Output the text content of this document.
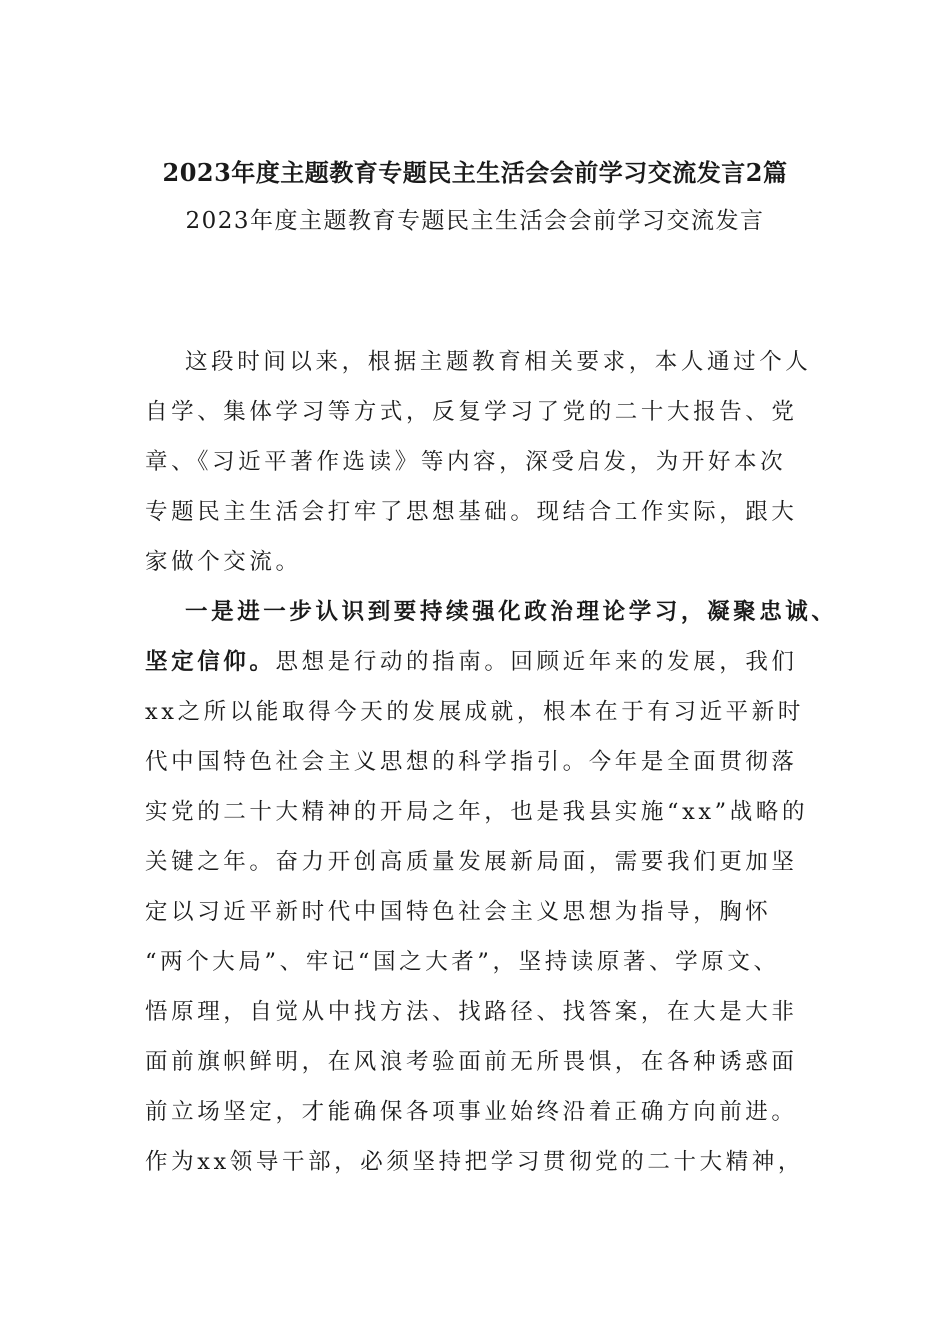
2023年度主题教育专题民主生活会会前学习交流发言2篇
2023年度主题教育专题民主生活会会前学习交流发言
这段时间以来，根据主题教育相关要求，本人通过个人
自学、集体学习等方式，反复学习了党的二十大报告、党
章、《习近平著作选读》等内容，深受启发，为开好本次
专题民主生活会打牢了思想基础。现结合工作实际，跟大
家做个交流。
一是进一步认识到要持续强化政治理论学习，凝聚忠诚、
坚定信仰。思想是行动的指南。回顾近年来的发展，我们
xx之所以能取得今天的发展成就，根本在于有习近平新时
代中国特色社会主义思想的科学指引。今年是全面贯彻落
实党的二十大精神的开局之年，也是我县实施“xx”战略的
关键之年。奋力开创高质量发展新局面，需要我们更加坚
定以习近平新时代中国特色社会主义思想为指导，胸怀
“两个大局”、牢记“国之大者”，坚持读原著、学原文、
悟原理，自觉从中找方法、找路径、找答案，在大是大非
面前旗帜鲜明，在风浪考验面前无所畏惧，在各种诱惑面
前立场坚定，才能确保各项事业始终沿着正确方向前进。
作为xx领导干部，必须坚持把学习贯彻党的二十大精神，
